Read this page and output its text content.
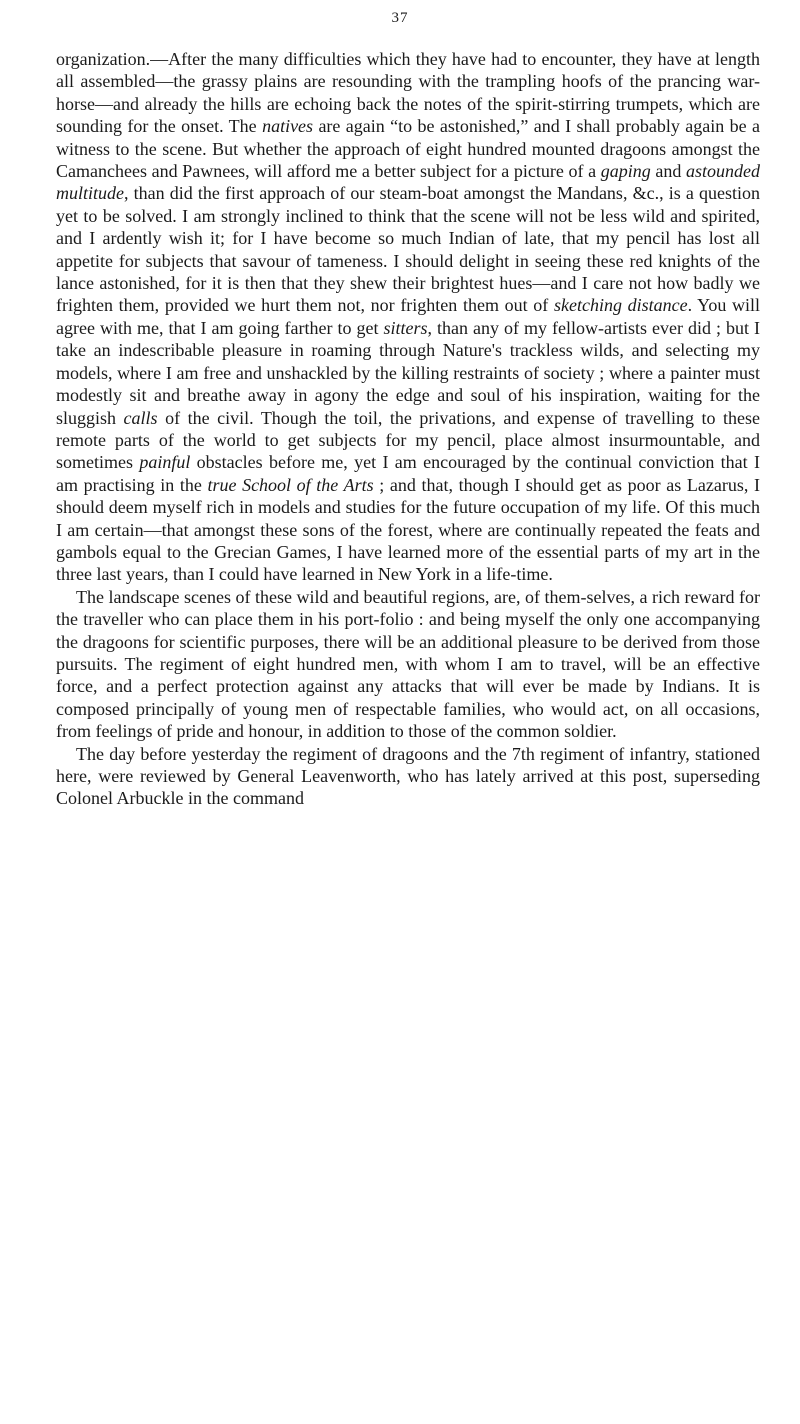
37

organization.—After the many difficulties which they have had to encounter, they have at length all assembled—the grassy plains are resounding with the trampling hoofs of the prancing war-horse—and already the hills are echoing back the notes of the spirit-stirring trumpets, which are sounding for the onset. The natives are again “to be astonished,” and I shall probably again be a witness to the scene. But whether the approach of eight hundred mounted dragoons amongst the Camanchees and Pawnees, will afford me a better subject for a picture of a gaping and astounded multitude, than did the first approach of our steam-boat amongst the Mandans, &c., is a question yet to be solved. I am strongly inclined to think that the scene will not be less wild and spirited, and I ardently wish it; for I have become so much Indian of late, that my pencil has lost all appetite for subjects that savour of tameness. I should delight in seeing these red knights of the lance astonished, for it is then that they shew their brightest hues—and I care not how badly we frighten them, provided we hurt them not, nor frighten them out of sketching distance. You will agree with me, that I am going farther to get sitters, than any of my fellow-artists ever did ; but I take an indescribable pleasure in roaming through Nature's trackless wilds, and selecting my models, where I am free and unshackled by the killing restraints of society ; where a painter must modestly sit and breathe away in agony the edge and soul of his inspiration, waiting for the sluggish calls of the civil. Though the toil, the privations, and expense of travelling to these remote parts of the world to get subjects for my pencil, place almost insurmountable, and sometimes painful obstacles before me, yet I am encouraged by the continual conviction that I am practising in the true School of the Arts ; and that, though I should get as poor as Lazarus, I should deem myself rich in models and studies for the future occupation of my life. Of this much I am certain—that amongst these sons of the forest, where are continually repeated the feats and gambols equal to the Grecian Games, I have learned more of the essential parts of my art in the three last years, than I could have learned in New York in a life-time.

The landscape scenes of these wild and beautiful regions, are, of them-selves, a rich reward for the traveller who can place them in his port-folio : and being myself the only one accompanying the dragoons for scientific purposes, there will be an additional pleasure to be derived from those pursuits. The regiment of eight hundred men, with whom I am to travel, will be an effective force, and a perfect protection against any attacks that will ever be made by Indians. It is composed principally of young men of respectable families, who would act, on all occasions, from feelings of pride and honour, in addition to those of the common soldier.

The day before yesterday the regiment of dragoons and the 7th regiment of infantry, stationed here, were reviewed by General Leavenworth, who has lately arrived at this post, superseding Colonel Arbuckle in the command
